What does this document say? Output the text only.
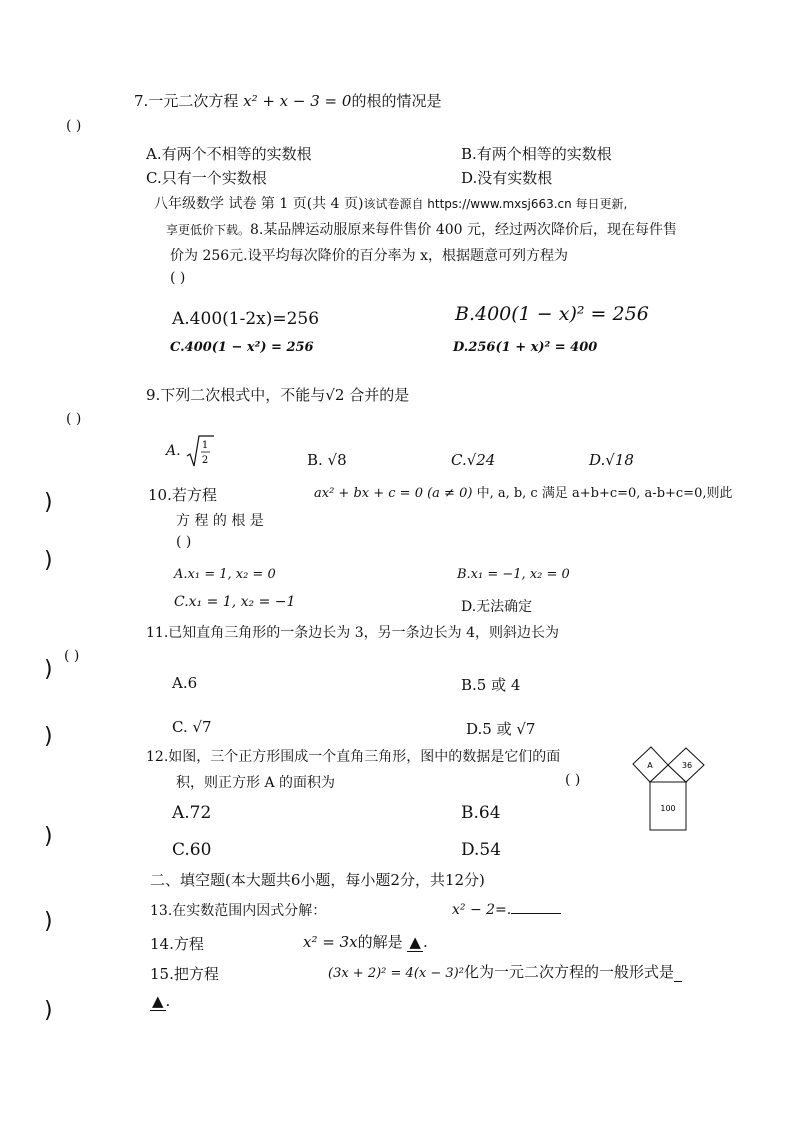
)
)
)
)
)
)
)
7.一元二次方程 x² + x − 3 = 0的根的情况是
( )
A.有两个不相等的实数根	B.有两个相等的实数根
C.只有一个实数根	D.没有实数根
八年级数学 试卷 第 1 页(共 4 页)该试卷源自 https://www.mxsj663.cn 每日更新,
享更低价下载。8.某品牌运动服原来每件售价 400 元，经过两次降价后，现在每件售
价为 256元.设平均每次降价的百分率为 x，根据题意可列方程为
( )
A.400(1-2x)=256	B.400(1 − x)² = 256
C.400(1 − x²) = 256	D.256(1 + x)² = 400
9.下列二次根式中，不能与√2 合并的是
( )
A. 1
2	B. √8	C.√24	D.√18
10.若方程	ax² + bx + c = 0 (a ≠ 0) 中, a, b, c 满足 a+b+c=0, a-b+c=0,则此
方 程 的 根 是
( )
A.x₁ = 1, x₂ = 0	B.x₁ = −1, x₂ = 0
C.x₁ = 1, x₂ = −1	D.无法确定
11.已知直角三角形的一条边长为 3，另一条边长为 4，则斜边长为
( )
A.6	B.5 或 4
C. √7	D.5 或 √7
12.如图，三个正方形围成一个直角三角形，图中的数据是它们的面
积，则正方形 A 的面积为	( )
A.72	B.64
C.60	D.54
A	36
100
二、填空题(本大题共6小题，每小题2分，共12分)
13.在实数范围内因式分解：	x² − 2=.
14.方程	x² = 3x的解是 ▲ .
15.把方程	(3x + 2)² = 4(x − 3)²化为一元二次方程的一般形式是
▲ .
